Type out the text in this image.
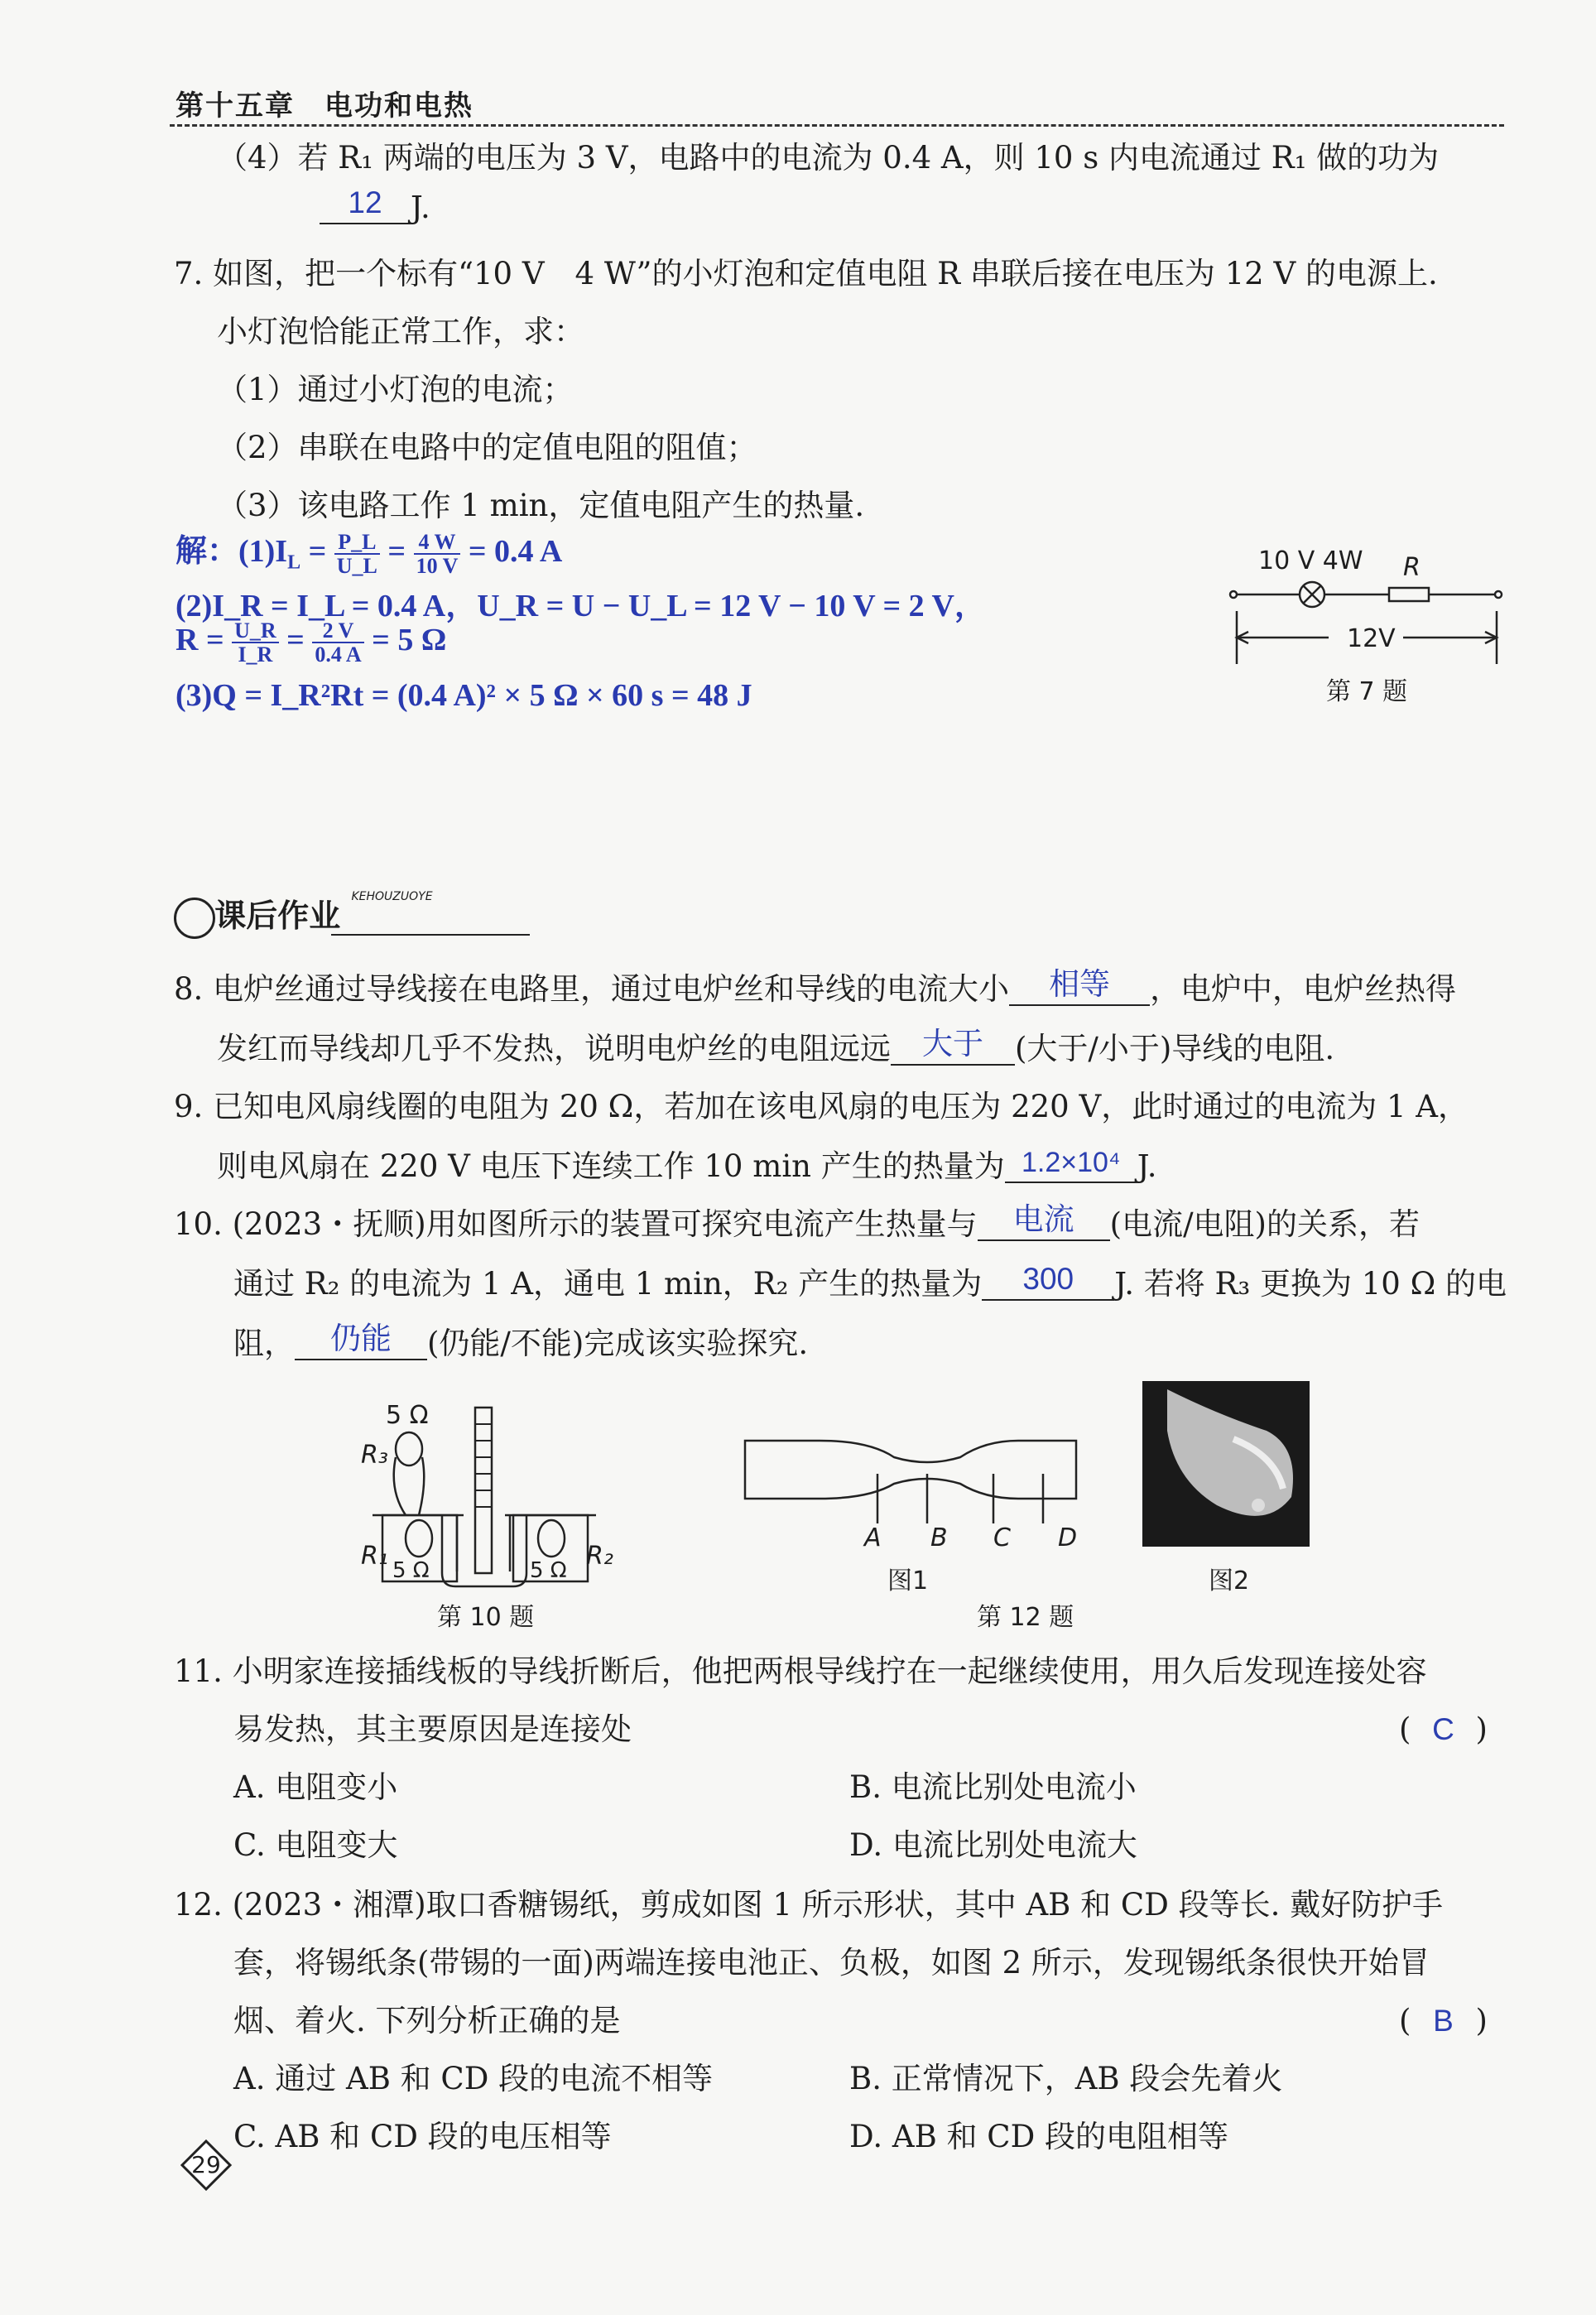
第十五章　电功和电热
（4）若 R₁ 两端的电压为 3 V，电路中的电流为 0.4 A，则 10 s 内电流通过 R₁ 做的功为
12 J.
7. 如图，把一个标有“10 V　4 W”的小灯泡和定值电阻 R 串联后接在电压为 12 V 的电源上.
小灯泡恰能正常工作，求：
（1）通过小灯泡的电流；
（2）串联在电路中的定值电阻的阻值；
（3）该电路工作 1 min，定值电阻产生的热量.
解：$(1)I_L = \frac{P\_L}{U\_L} = \frac{4 W}{10 V} = 0.4$ A
(2)I_R = I_L = 0.4 A，U_R = U − U_L = 12 V − 10 V = 2 V，
$R = \frac{U\_R}{I\_R} = \frac{2 V}{0.4 A} = 5$ Ω
(3)Q = I_R²Rt = (0.4 A)² × 5 Ω × 60 s = 48 J
10 V 4W R
12V
第 7 题
课后作业 $^{KEHOUZUOYE}$
8. 电炉丝通过导线接在电路里，通过电炉丝和导线的电流大小 相等 ，电炉中，电炉丝热得
发红而导线却几乎不发热，说明电炉丝的电阻远远 大于 (大于/小于)导线的电阻.
9. 已知电风扇线圈的电阻为 20 Ω，若加在该电风扇的电压为 220 V，此时通过的电流为 1 A，
则电风扇在 220 V 电压下连续工作 10 min 产生的热量为 1.2×10⁴ J.
10. (2023・抚顺)用如图所示的装置可探究电流产生热量与 电流 (电流/电阻)的关系，若
通过 R₂ 的电流为 1 A，通电 1 min，R₂ 产生的热量为 300 J. 若将 R₃ 更换为 10 Ω 的电
阻， 仍能 (仍能/不能)完成该实验探究.
5 Ω
R₃
R₁	R₂
5 Ω	5 Ω
第 10 题
A B C D
图1	图2
第 12 题
11. 小明家连接插线板的导线折断后，他把两根导线拧在一起继续使用，用久后发现连接处容
易发热，其主要原因是连接处	( C )
A. 电阻变小	B. 电流比别处电流小
C. 电阻变大	D. 电流比别处电流大
12. (2023・湘潭)取口香糖锡纸，剪成如图 1 所示形状，其中 AB 和 CD 段等长. 戴好防护手
套，将锡纸条(带锡的一面)两端连接电池正、负极，如图 2 所示，发现锡纸条很快开始冒
烟、着火. 下列分析正确的是	( B )
A. 通过 AB 和 CD 段的电流不相等	B. 正常情况下，AB 段会先着火
C. AB 和 CD 段的电压相等	D. AB 和 CD 段的电阻相等
29
